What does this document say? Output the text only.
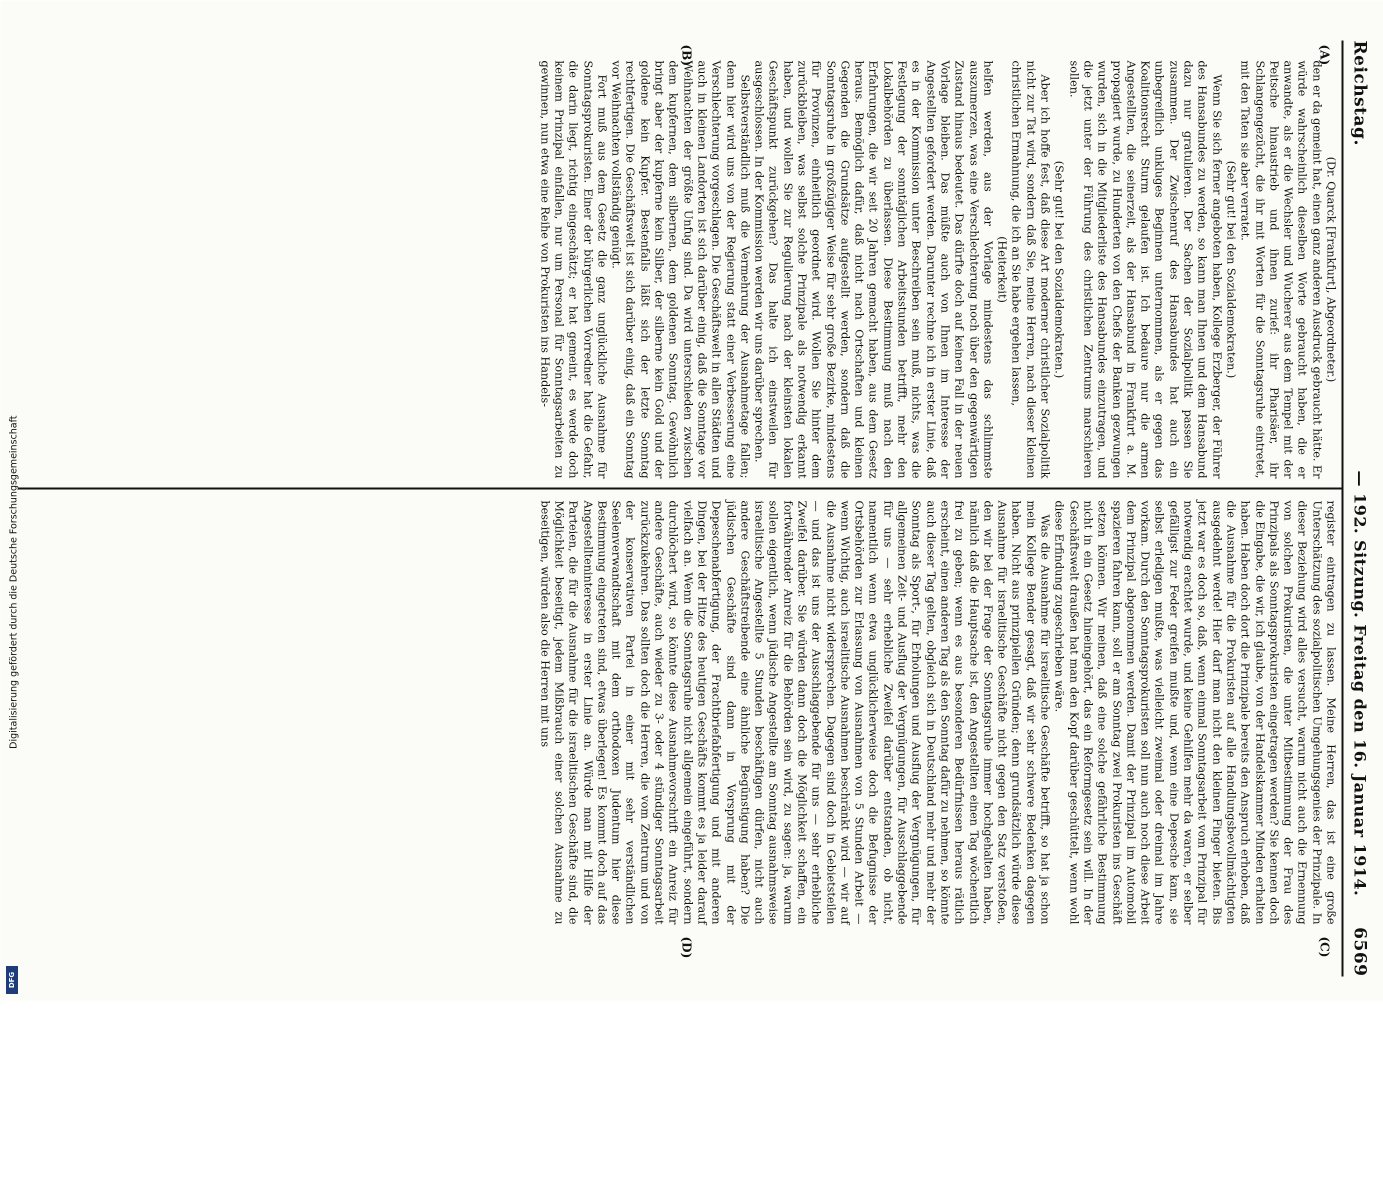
Reichstag.
— 192. Sitzung. Freitag den 16. Januar 1914.
6569
(A)
(B)
(C)
(D)

(Dr. Quarck [Frankfurt], Abgeordneter.)

den er da gemeint hat, einen ganz anderen Ausdruck gebraucht hätte. Er würde wahrscheinlich dieselben Worte gebraucht haben, die er anwandte, als er die Wechsler und Wucherer aus dem Tempel mit der Peitsche hinaustrieb und ihnen zurief: ihr Pharisäer, ihr Schlangengezücht, die ihr mit Worten für die Sonntagsruhe eintretet, mit den Taten sie aber verratet.

(Sehr gut! bei den Sozialdemokraten.)

Wenn Sie sich ferner angeboten haben, Kollege Erzberger, der Führer des Hansabundes zu werden, so kann man Ihnen und dem Hansabund dazu nur gratulieren. Der Sachen der Sozialpolitik passen Sie zusammen. Der Zwischenruf des Hansabundes hat auch ein unbegreiflich unkluges Beginnen unternommen, als er gegen das Koalitionsrecht Sturm gelaufen ist. Ich bedaure nur die armen Angestellten, die seinerzeit, als der Hansabund in Frankfurt a. M. propagiert wurde, zu Hunderten von den Chefs der Banken gezwungen wurden, sich in die Mitgliederliste des Hansabundes einzutragen, und die jetzt unter der Führung des christlichen Zentrums marschieren sollen.

(Sehr gut! bei den Sozialdemokraten.)

Aber ich hoffe fest, daß diese Art moderner christlicher Sozialpolitik nicht zur Tat wird, sondern daß Sie, meine Herren, nach dieser kleinen christlichen Ermahnung, die ich an Sie habe ergehen lassen,

(Heiterkeit)

helfen werden, aus der Vorlage mindestens das schlimmste auszumerzen, was eine Verschlechterung noch über den gegenwärtigen Zustand hinaus bedeutet. Das dürfte doch auf keinen Fall in der neuen Vorlage bleiben. Das müßte auch von Ihnen im Interesse der Angestellten gefordert werden. Darunter rechne ich in erster Linie, daß es in der Kommission unter Beschreiben sein muß, nichts, was die Festlegung der sonntäglichen Arbeitsstunden betrifft, mehr den Lokalbehörden zu überlassen. Diese Bestimmung muß nach den Erfahrungen, die wir seit 20 Jahren gemacht haben, aus dem Gesetz heraus. Bemöglich dafür, daß nicht nach Ortschaften und kleinen Gegenden die Grundsätze aufgestellt werden, sondern daß die Sonntagsruhe in großzügiger Weise für sehr große Bezirke, mindestens für Provinzen, einheitlich geordnet wird. Wollen Sie hinter dem zurückbleiben, was selbst solche Prinzipale als notwendig erkannt haben, und wollen Sie zur Regulierung nach der kleinsten lokalen Geschäftspunkt zurückgehen? Das halte ich einstweilen für ausgeschlossen. In der Kommission werden wir uns darüber sprechen.

Selbstverständlich muß die Vermehrung der Ausnahmetage fallen; denn hier wird uns von der Regierung statt einer Verbesserung eine Verschlechterung vorgeschlagen. Die Geschäftswelt in allen Städten und auch in kleinen Landorten ist sich darüber einig, daß die Sonntage vor Weihnachten der größte Unfug sind. Da wird unterschieden zwischen dem kupfernen, dem silbernen, dem goldenen Sonntag. Gewöhnlich bringt aber der kupferne kein Silber, der silberne kein Gold und der goldene kein Kupfer. Bestenfalls läßt sich der letzte Sonntag rechtfertigen. Die Geschäftswelt ist sich darüber einig, daß ein Sonntag vor Weihnachten vollständig genügt.

Fort muß aus dem Gesetz die ganz unglückliche Ausnahme für Sonntagsprokuristen. Einer der bürgerlichen Vorredner hat die Gefahr, die darin liegt, richtig eingeschätzt; er hat gemeint, es werde doch keinem Prinzipal einfallen, nur um Personal für Sonntagsarbeiten zu gewinnen, nun etwa eine Reihe von Prokuristen ins Handels-

register eintragen zu lassen. Meine Herren, das ist eine große Unterschätzung des sozialpolitischen Umgehungsgenies der Prinzipale. In dieser Beziehung wird alles versucht, warum nicht auch die Ernennung von solchen Prokuristen, die unter Mitbestimmung der Frau des Prinzipals als Sonntagsprokuristen eingetragen werden? Sie kennen doch die Eingabe, die wir, ich glaube, von der Handelskammer Minden erhalten haben. Haben doch dort die Prinzipale bereits den Anspruch erhoben, daß die Ausnahme für die Prokuristen auf alle Handlungsbevollmächtigten ausgedehnt werde! Hier darf man nicht den kleinen Finger bieten. Bis jetzt war es doch so, daß, wenn einmal Sonntagsarbeit vom Prinzipal für notwendig erachtet wurde, und keine Gehilfen mehr da waren, er selber gefälligst zur Feder greifen mußte und, wenn eine Depesche kam, sie selbst erledigen mußte, was vielleicht zweimal oder dreimal im Jahre vorkam. Durch den Sonntagsprokuristen soll nun auch noch diese Arbeit dem Prinzipal abgenommen werden. Damit der Prinzipal im Automobil spazieren fahren kann, soll er am Sonntag zwei Prokuristen ins Geschäft setzen können. Wir meinen, daß eine solche gefährliche Bestimmung nicht in ein Gesetz hineingehört, das ein Reformgesetz sein will. In der Geschäftswelt draußen hat man den Kopf darüber geschüttelt, wenn wohl diese Erfindung zugeschrieben wäre.

Was die Ausnahme für israelitische Geschäfte betrifft, so hat ja schon mein Kollege Bender gesagt, daß wir sehr schwere Bedenken dagegen haben. Nicht aus prinzipiellen Gründen; denn grundsätzlich würde diese Ausnahme für israelitische Geschäfte nicht gegen den Satz verstoßen, den wir bei der Frage der Sonntagsruhe immer hochgehalten haben, nämlich daß die Hauptsache ist, den Angestellten einen Tag wöchentlich frei zu geben; wenn es aus besonderen Bedürfnissen heraus rätlich erscheint, einen anderen Tag als den Sonntag dafür zu nehmen, so könnte auch dieser Tag gelten, obgleich sich in Deutschland mehr und mehr der Sonntag als Sport-, für Erholungen und Ausflug der Vergnügungen, für allgemeinen Zeit- und Ausflug der Vergnügungen, für Ausschlaggebende für uns — sehr erhebliche Zweifel darüber entstanden, ob nicht, namentlich wenn etwa unglücklicherweise doch die Befugnisse der Ortsbehörden zur Erlassung von Ausnahmen von 5 Stunden Arbeit — wenn Wichtig, auch israelitische Ausnahmen beschränkt wird — wir auf die Ausnahme nicht widersprechen. Dagegen sind doch in Gebietsteilen — und das ist uns der Ausschlaggebende für uns — sehr erhebliche Zweifel darüber. Sie würden dann doch die Möglichkeit schaffen, ein fortwährender Anreiz für die Behörden sein wird, zu sagen: ja, warum sollen eigentlich, wenn jüdische Angestellte am Sonntag ausnahmsweise israelitische Angestellte 5 Stunden beschäftigen dürfen, nicht auch andere Geschäftstreibende eine ähnliche Begünstigung haben? Die jüdischen Geschäfte sind dann in Vorsprung mit der Depeschenabfertigung, der Frachtbriefabfertigung und mit anderen Dingen, bei der Hitze des heutigen Geschäfts kommt es ja leider darauf vielfach an. Wenn die Sonntagsruhe nicht allgemein eingeführt, sondern durchlöchert wird, so könnte diese Ausnahmevorschrift ein Anreiz für andere Geschäfte, auch wieder zu 3- oder 4 stündiger Sonntagsarbeit zurückzukehren. Das sollten doch die Herren, die vom Zentrum und von der konservativen Partei in einer mit sehr verständlichen Seelenverwandtschaft mit dem orthodoxen Judentum hier diese Bestimmung eingetreten sind, etwas überlegen! Es kommt doch auf das Angestellteninteresse in erster Linie an. Würde man mit Hilfe der Parteien, die für die Ausnahme für die israelitischen Geschäfte sind, die Möglichkeit beseitigt, jedem Mißbrauch einer solchen Ausnahme zu beseitigen, würden also die Herren mit uns

Digitalisierung gefördert durch die Deutsche Forschungsgemeinschaft
DFG
